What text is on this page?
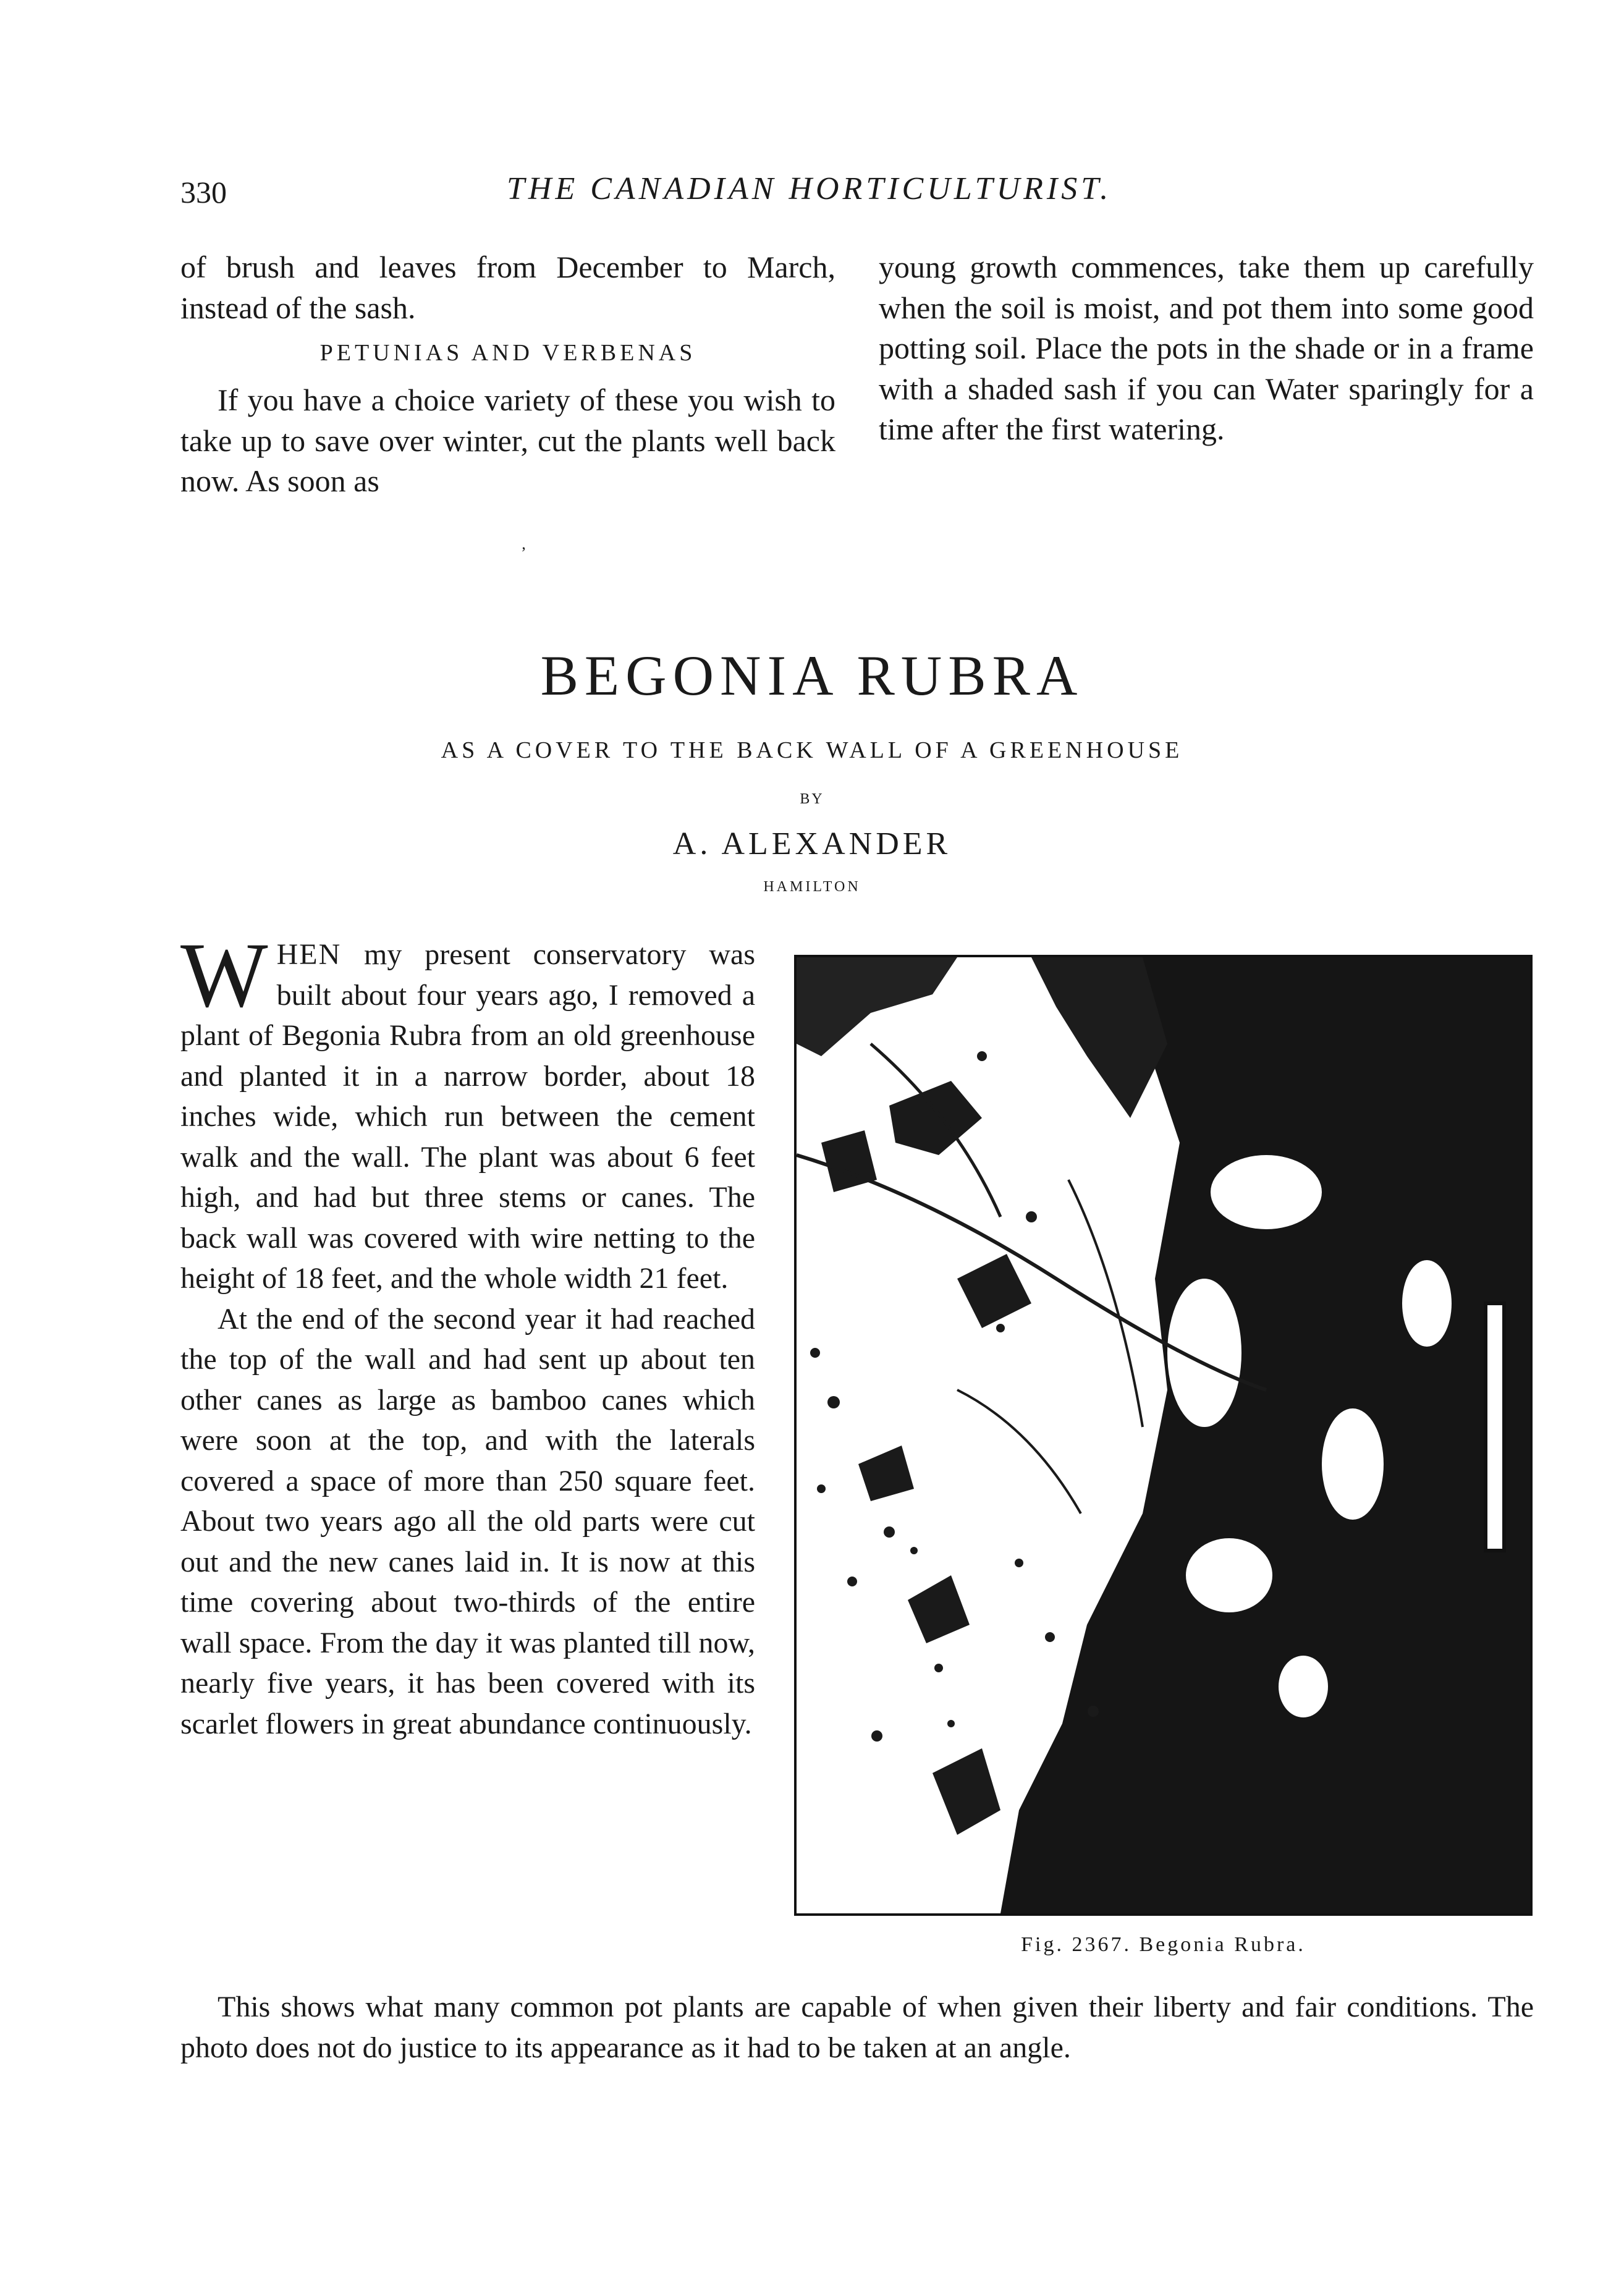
330	THE CANADIAN HORTICULTURIST.

of brush and leaves from December to March, instead of the sash.

PETUNIAS AND VERBENAS

If you have a choice variety of these you wish to take up to save over winter, cut the plants well back now. As soon as

young growth commences, take them up carefully when the soil is moist, and pot them into some good potting soil. Place the pots in the shade or in a frame with a shaded sash if you can Water sparingly for a time after the first watering.

’
BEGONIA RUBRA
AS A COVER TO THE BACK WALL OF A GREENHOUSE
BY
A. ALEXANDER
HAMILTON

WHEN my present conservatory was built about four years ago, I removed a plant of Begonia Rubra from an old greenhouse and planted it in a narrow border, about 18 inches wide, which run between the cement walk and the wall. The plant was about 6 feet high, and had but three stems or canes. The back wall was covered with wire netting to the height of 18 feet, and the whole width 21 feet.

At the end of the second year it had reached the top of the wall and had sent up about ten other canes as large as bamboo canes which were soon at the top, and with the laterals covered a space of more than 250 square feet. About two years ago all the old parts were cut out and the new canes laid in. It is now at this time covering about two-thirds of the entire wall space. From the day it was planted till now, nearly five years, it has been covered with its scarlet flowers in great abundance continuously.

This shows what many common pot plants are capable of when given their liberty and fair conditions. The photo does not do justice to its appearance as it had to be taken at an angle.

Fig. 2367. Begonia Rubra.
